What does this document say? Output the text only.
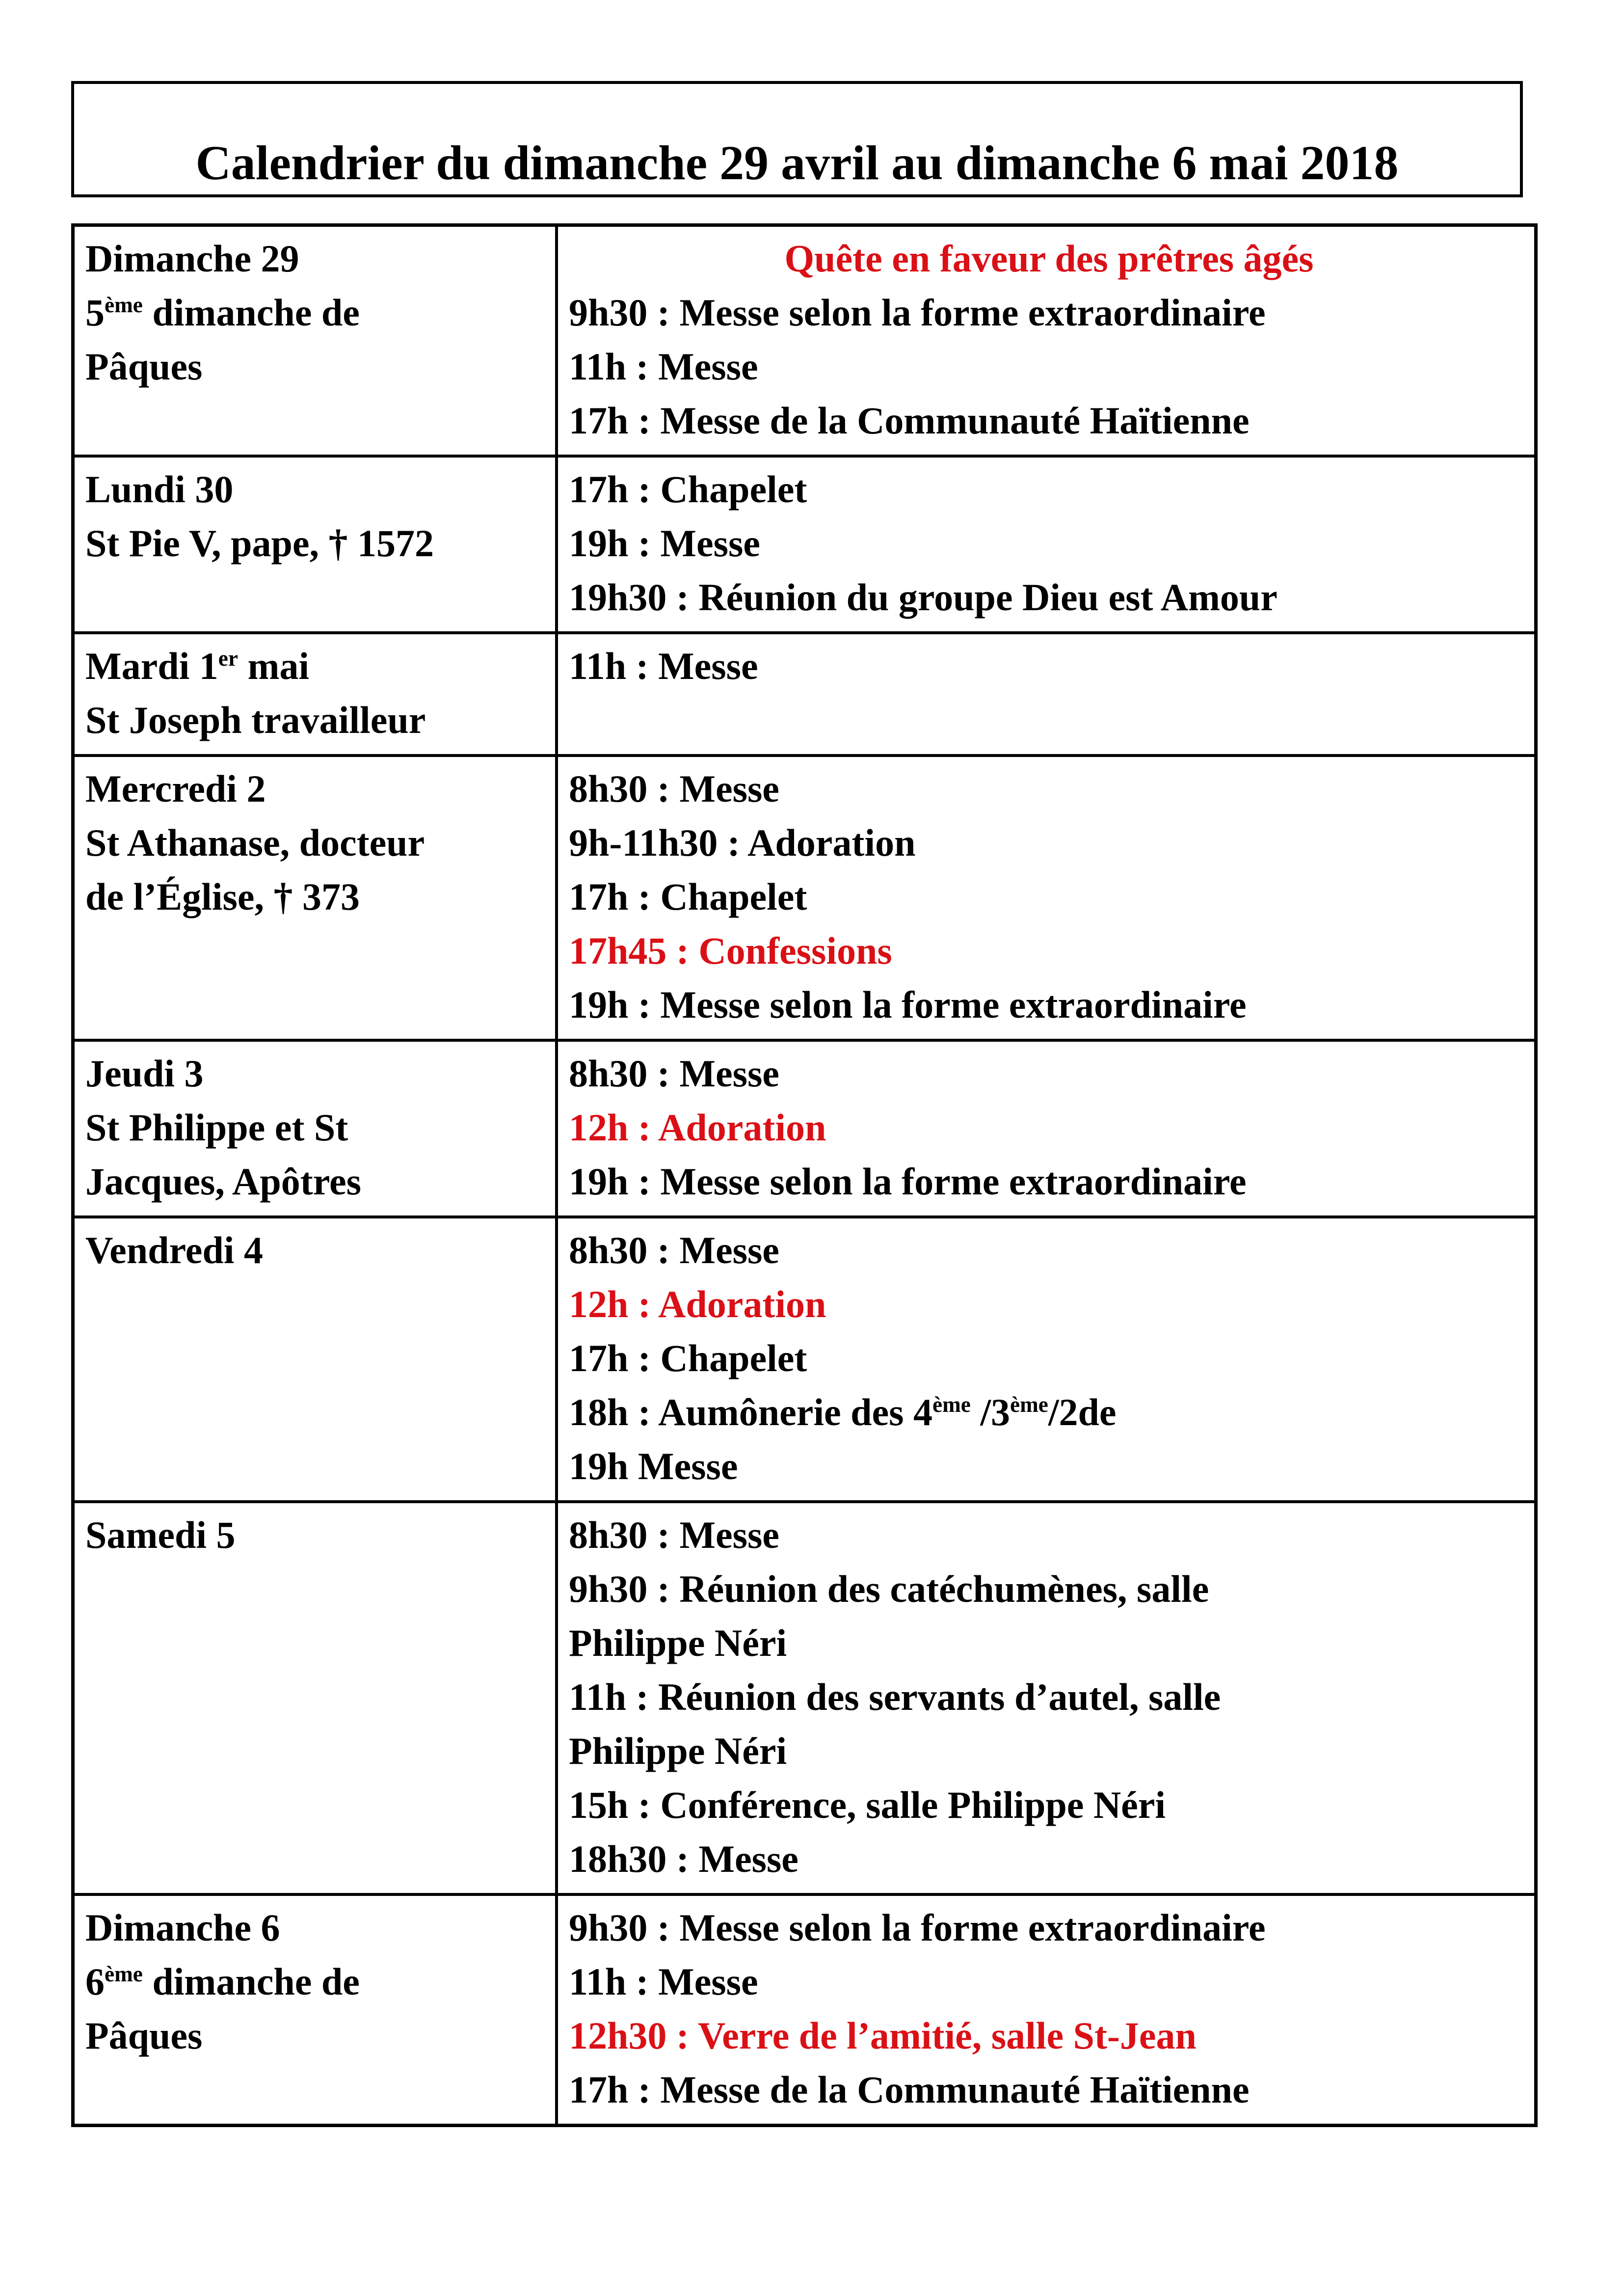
Calendrier du dimanche 29 avril au dimanche 6 mai 2018
Dimanche 29
5ème dimanche de
Pâques
Quête en faveur des prêtres âgés
9h30 : Messe selon la forme extraordinaire
11h : Messe
17h : Messe de la Communauté Haïtienne
Lundi 30
St Pie V, pape, † 1572
17h : Chapelet
19h : Messe
19h30 : Réunion du groupe Dieu est Amour
Mardi 1er mai
St Joseph travailleur
11h : Messe
Mercredi 2
St Athanase, docteur
de l’Église, † 373
8h30 : Messe
9h-11h30 : Adoration
17h : Chapelet
17h45 : Confessions
19h : Messe selon la forme extraordinaire
Jeudi 3
St Philippe et St
Jacques, Apôtres
8h30 : Messe
12h : Adoration
19h : Messe selon la forme extraordinaire
Vendredi 4	8h30 : Messe
12h : Adoration
17h : Chapelet
18h : Aumônerie des 4ème /3ème/2de
19h Messe
Samedi 5	8h30 : Messe
9h30 : Réunion des catéchumènes, salle
Philippe Néri
11h : Réunion des servants d’autel, salle
Philippe Néri
15h : Conférence, salle Philippe Néri
18h30 : Messe
Dimanche 6
6ème dimanche de
Pâques
9h30 : Messe selon la forme extraordinaire
11h : Messe
12h30 : Verre de l’amitié, salle St-Jean
17h : Messe de la Communauté Haïtienne
